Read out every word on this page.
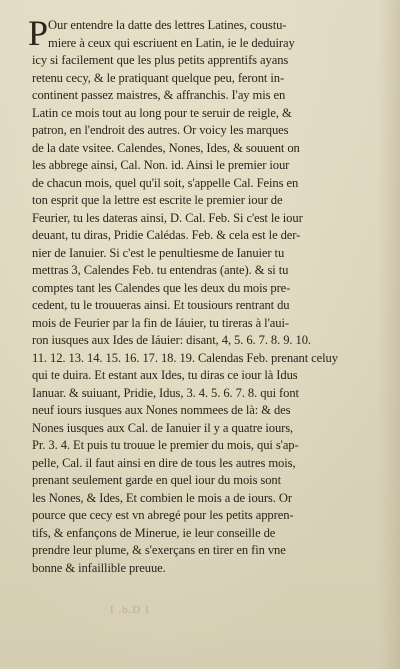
P Our entendre la datte des lettres Latines, coustu-
miere à ceux qui escriuent en Latin, ie le deduiray
icy si facilement que les plus petits apprentifs ayans
retenu cecy, & le pratiquant quelque peu, feront in-
continent passez maistres, & affranchis. I'ay mis en
Latin ce mois tout au long pour te seruir de reigle, &
patron, en l'endroit des autres. Or voicy les marques
de la date vsitee. Calendes, Nones, Ides, & souuent on
les abbrege ainsi, Cal. Non. id. Ainsi le premier iour
de chacun mois, quel qu'il soit, s'appelle Cal. Feins en
ton esprit que la lettre est escrite le premier iour de
Feurier, tu les dateras ainsi, D. Cal. Feb. Si c'est le iour
deuant, tu diras, Pridie Calédas. Feb. & cela est le der-
nier de Ianuier. Si c'est le penultiesme de Ianuier tu
mettras 3, Calendes Feb. tu entendras (ante). & si tu
comptes tant les Calendes que les deux du mois pre-
cedent, tu le trouueras ainsi. Et tousiours rentrant du
mois de Feurier par la fin de Iáuier, tu tireras à l'aui-
ron iusques aux Ides de Iáuier: disant, 4, 5. 6. 7. 8. 9. 10.
11. 12. 13. 14. 15. 16. 17. 18. 19. Calendas Feb. prenant celuy
qui te duira. Et estant aux Ides, tu diras ce iour là Idus
Ianuar. & suiuant, Pridie, Idus, 3. 4. 5. 6. 7. 8. qui font
neuf iours iusques aux Nones nommees de là: & des
Nones iusques aux Cal. de Ianuier il y a quatre iours,
Pr. 3. 4. Et puis tu trouue le premier du mois, qui s'ap-
pelle, Cal. il faut ainsi en dire de tous les autres mois,
prenant seulement garde en quel iour du mois sont
les Nones, & Ides, Et combien le mois a de iours. Or
pource que cecy est vn abregé pour les petits appren-
tifs, & enfançons de Minerue, ie leur conseille de
prendre leur plume, & s'exerçans en tirer en fin vne
bonne & infaillible preuue.
I .b.D I
